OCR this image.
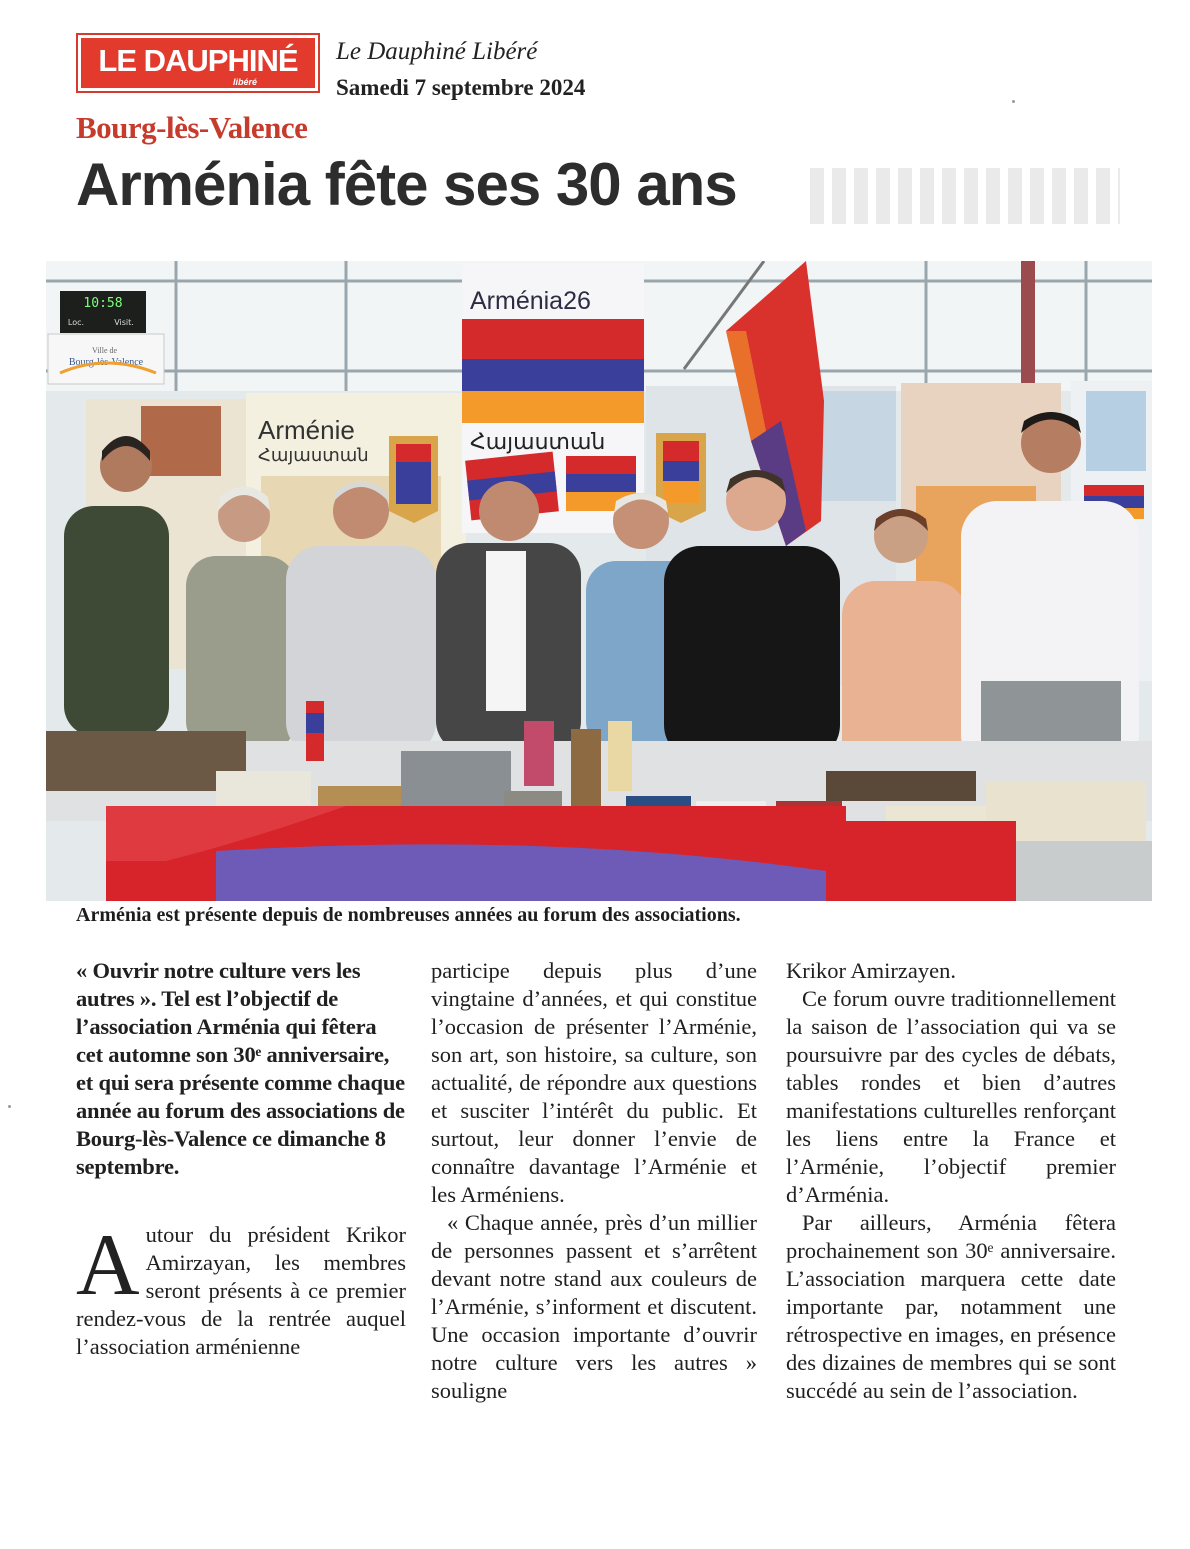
LE DAUPHINÉ
libéré
Le Dauphiné Libéré
Samedi 7 septembre 2024
Bourg-lès-Valence
Arménia fête ses 30 ans
10:58
Loc.	Visit.
Ville de
Bourg-lès-Valence
Arménie
Հայաստան
Arménia26
Հայաստան
Arménia est présente depuis de nombreuses années au forum des associations.
« Ouvrir notre culture vers les autres ». Tel est l’objectif de l’association Arménia qui fêtera cet automne son 30ᵉ anniversaire, et qui sera présente comme chaque année au forum des associations de Bourg-lès-Valence ce dimanche 8 septembre.

Autour du président Krikor Amirzayan, les membres seront présents à ce premier rendez-vous de la rentrée auquel l’association arménienne

participe depuis plus d’une vingtaine d’années, et qui constitue l’occasion de présenter l’Arménie, son art, son histoire, sa culture, son actualité, de répondre aux questions et susciter l’intérêt du public. Et surtout, leur donner l’envie de connaître davantage l’Arménie et les Arméniens.

« Chaque année, près d’un millier de personnes passent et s’arrêtent devant notre stand aux couleurs de l’Arménie, s’informent et discutent. Une occasion importante d’ouvrir notre culture vers les autres » souligne

Krikor Amirzayen.

Ce forum ouvre traditionnellement la saison de l’association qui va se poursuivre par des cycles de débats, tables rondes et bien d’autres manifestations culturelles renforçant les liens entre la France et l’Arménie, l’objectif premier d’Arménia.

Par ailleurs, Arménia fêtera prochainement son 30ᵉ anniversaire. L’association marquera cette date importante par, notamment une rétrospective en images, en présence des dizaines de membres qui se sont succédé au sein de l’association.
